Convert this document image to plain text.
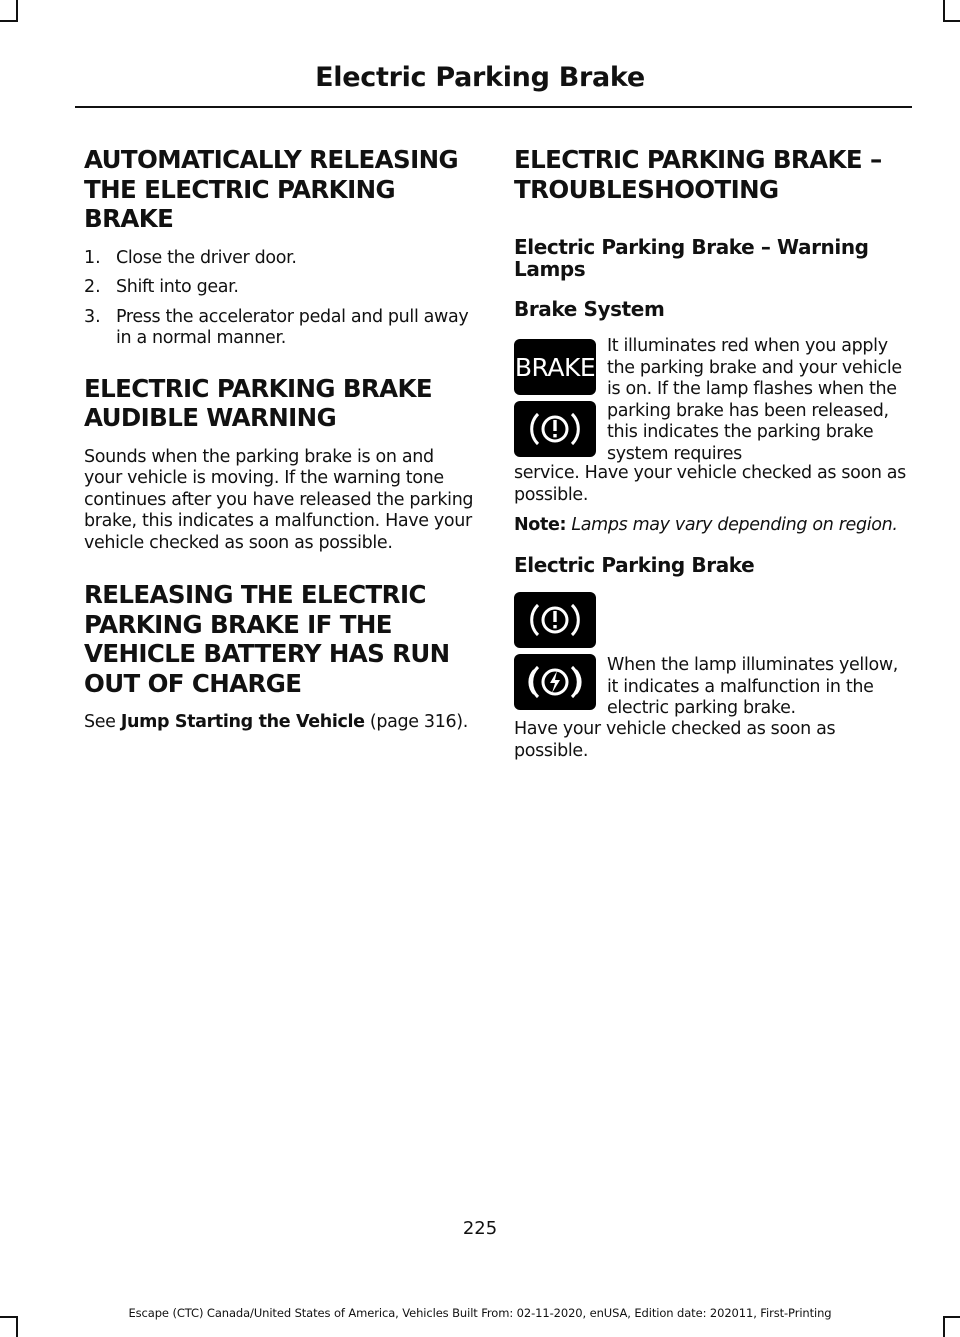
Electric Parking Brake
AUTOMATICALLY RELEASING
THE ELECTRIC PARKING
BRAKE
1. Close the driver door.
2. Shift into gear.
3. Press the accelerator pedal and pull away in a normal manner.
ELECTRIC PARKING BRAKE
AUDIBLE WARNING

Sounds when the parking brake is on and your vehicle is moving. If the warning tone continues after you have released the parking brake, this indicates a malfunction. Have your vehicle checked as soon as possible.

RELEASING THE ELECTRIC
PARKING BRAKE IF THE
VEHICLE BATTERY HAS RUN
OUT OF CHARGE

See Jump Starting the Vehicle (page 316).

ELECTRIC PARKING BRAKE –
TROUBLESHOOTING
Electric Parking Brake – Warning Lamps
Brake System
BRAKE

It illuminates red when you apply the parking brake and your vehicle is on. If the lamp flashes when the parking brake has been released, this indicates the parking brake system requires

service. Have your vehicle checked as soon as possible.

Note: Lamps may vary depending on region.

Electric Parking Brake

When the lamp illuminates yellow, it indicates a malfunction in the electric parking brake.

Have your vehicle checked as soon as possible.

225
Escape (CTC) Canada/United States of America, Vehicles Built From: 02-11-2020, enUSA, Edition date: 202011, First-Printing
